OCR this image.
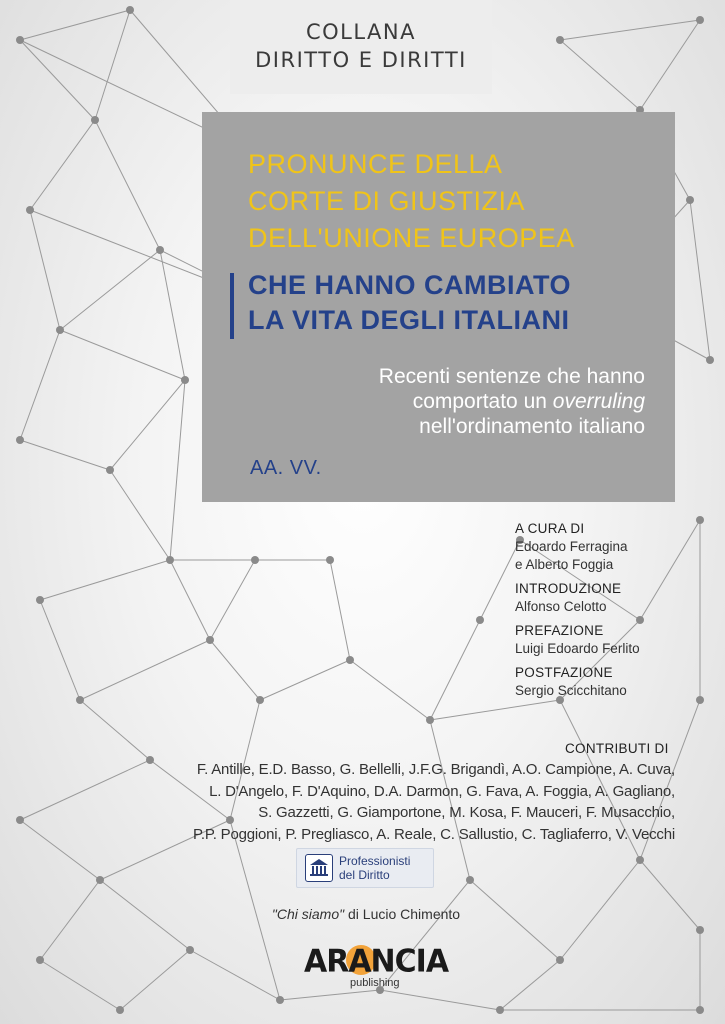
COLLANA
DIRITTO E DIRITTI
PRONUNCE DELLA
CORTE DI GIUSTIZIA
DELL'UNIONE EUROPEA
CHE HANNO CAMBIATO
LA VITA DEGLI ITALIANI
Recenti sentenze che hanno
comportato un overruling
nell'ordinamento italiano
AA. VV.
A CURA DI
Edoardo Ferragina
e Alberto Foggia
INTRODUZIONE
Alfonso Celotto
PREFAZIONE
Luigi Edoardo Ferlito
POSTFAZIONE
Sergio Scicchitano
CONTRIBUTI DI
F. Antille, E.D. Basso, G. Bellelli, J.F.G. Brigandì, A.O. Campione, A. Cuva,
L. D'Angelo, F. D'Aquino, D.A. Darmon, G. Fava, A. Foggia, A. Gagliano,
S. Gazzetti, G. Giamportone, M. Kosa, F. Mauceri, F. Musacchio,
P.P. Poggioni, P. Pregliasco, A. Reale, C. Sallustio, C. Tagliaferro, V. Vecchi
Professionisti
del Diritto
"Chi siamo" di Lucio Chimento
ARANCIA
publishing
